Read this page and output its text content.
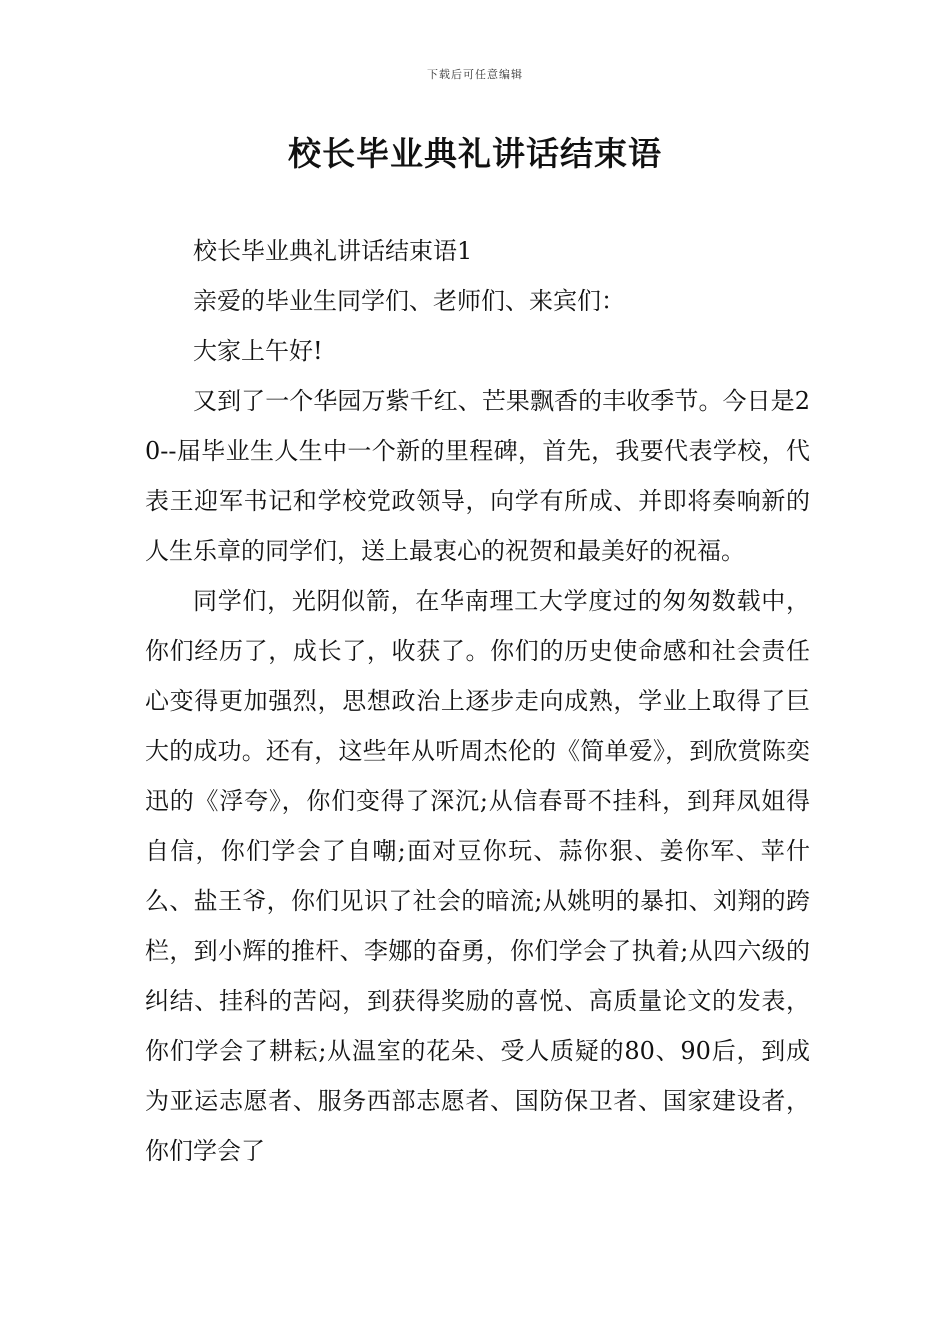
下载后可任意编辑
校长毕业典礼讲话结束语

校长毕业典礼讲话结束语1

亲爱的毕业生同学们、老师们、来宾们：

大家上午好!

又到了一个华园万紫千红、芒果飘香的丰收季节。今日是20--届毕业生人生中一个新的里程碑，首先，我要代表学校，代表王迎军书记和学校党政领导，向学有所成、并即将奏响新的人生乐章的同学们，送上最衷心的祝贺和最美好的祝福。

同学们，光阴似箭，在华南理工大学度过的匆匆数载中，你们经历了，成长了，收获了。你们的历史使命感和社会责任心变得更加强烈，思想政治上逐步走向成熟，学业上取得了巨大的成功。还有，这些年从听周杰伦的《简单爱》，到欣赏陈奕迅的《浮夸》，你们变得了深沉;从信春哥不挂科，到拜凤姐得自信，你们学会了自嘲;面对豆你玩、蒜你狠、姜你军、苹什么、盐王爷，你们见识了社会的暗流;从姚明的暴扣、刘翔的跨栏，到小辉的推杆、李娜的奋勇，你们学会了执着;从四六级的纠结、挂科的苦闷，到获得奖励的喜悦、高质量论文的发表，你们学会了耕耘;从温室的花朵、受人质疑的80、90后，到成为亚运志愿者、服务西部志愿者、国防保卫者、国家建设者，你们学会了
